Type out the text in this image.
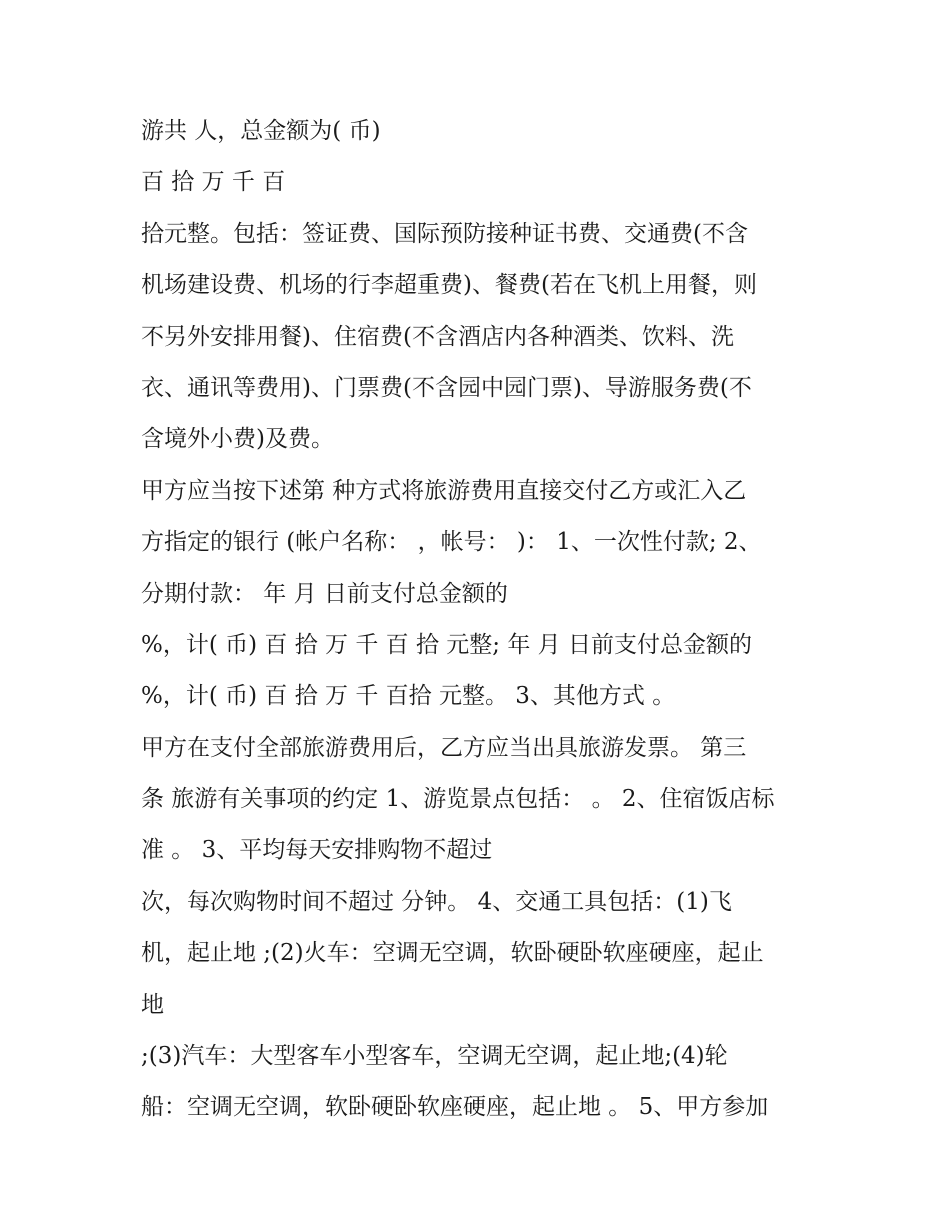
游共 人，总金额为( 币)
百 拾 万 千 百
拾元整。包括：签证费、国际预防接种证书费、交通费(不含
机场建设费、机场的行李超重费)、餐费(若在飞机上用餐，则
不另外安排用餐)、住宿费(不含酒店内各种酒类、饮料、洗
衣、通讯等费用)、门票费(不含园中园门票)、导游服务费(不
含境外小费)及费。
甲方应当按下述第 种方式将旅游费用直接交付乙方或汇入乙
方指定的银行 (帐户名称： ，帐号： )： 1、一次性付款; 2、
分期付款： 年 月 日前支付总金额的
%，计( 币) 百 拾 万 千 百 拾 元整; 年 月 日前支付总金额的
%，计( 币) 百 拾 万 千 百拾 元整。 3、其他方式 。
甲方在支付全部旅游费用后，乙方应当出具旅游发票。 第三
条 旅游有关事项的约定 1、游览景点包括： 。 2、住宿饭店标
准 。 3、平均每天安排购物不超过
次，每次购物时间不超过 分钟。 4、交通工具包括：(1)飞
机，起止地 ;(2)火车：空调无空调，软卧硬卧软座硬座，起止
地
;(3)汽车：大型客车小型客车，空调无空调，起止地;(4)轮
船：空调无空调，软卧硬卧软座硬座，起止地 。 5、甲方参加
